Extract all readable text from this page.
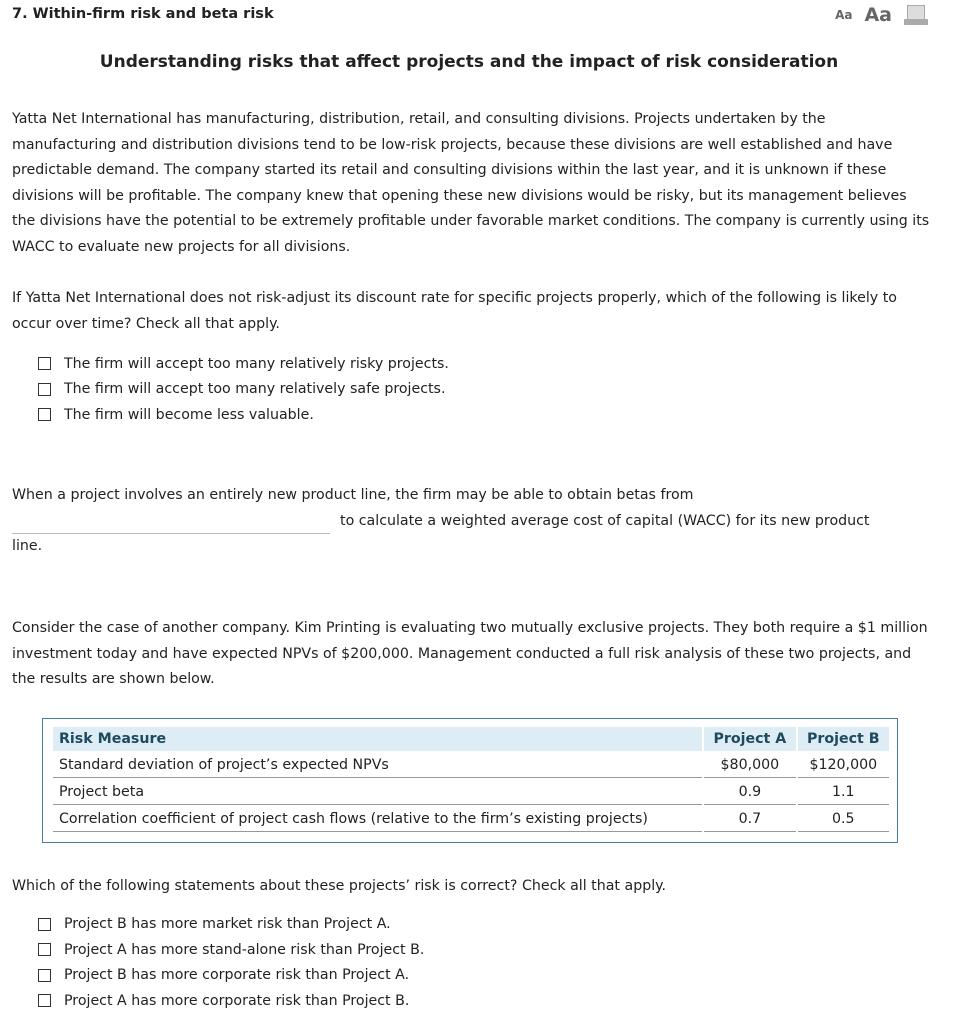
7. Within-firm risk and beta risk	Aa Aa
Understanding risks that affect projects and the impact of risk consideration

Yatta Net International has manufacturing, distribution, retail, and consulting divisions. Projects undertaken by the manufacturing and distribution divisions tend to be low-risk projects, because these divisions are well established and have predictable demand. The company started its retail and consulting divisions within the last year, and it is unknown if these divisions will be profitable. The company knew that opening these new divisions would be risky, but its management believes the divisions have the potential to be extremely profitable under favorable market conditions. The company is currently using its WACC to evaluate new projects for all divisions.

If Yatta Net International does not risk-adjust its discount rate for specific projects properly, which of the following is likely to occur over time? Check all that apply.

The firm will accept too many relatively risky projects.
The firm will accept too many relatively safe projects.
The firm will become less valuable.

When a project involves an entirely new product line, the firm may be able to obtain betas from

to calculate a weighted average cost of capital (WACC) for its new product

line.

Consider the case of another company. Kim Printing is evaluating two mutually exclusive projects. They both require a $1 million investment today and have expected NPVs of $200,000. Management conducted a full risk analysis of these two projects, and the results are shown below.

Risk Measure	Project A	Project B
Standard deviation of project’s expected NPVs	$80,000	$120,000
Project beta	0.9	1.1
Correlation coefficient of project cash flows (relative to the firm’s existing projects)	0.7	0.5

Which of the following statements about these projects’ risk is correct? Check all that apply.

Project B has more market risk than Project A.
Project A has more stand-alone risk than Project B.
Project B has more corporate risk than Project A.
Project A has more corporate risk than Project B.
